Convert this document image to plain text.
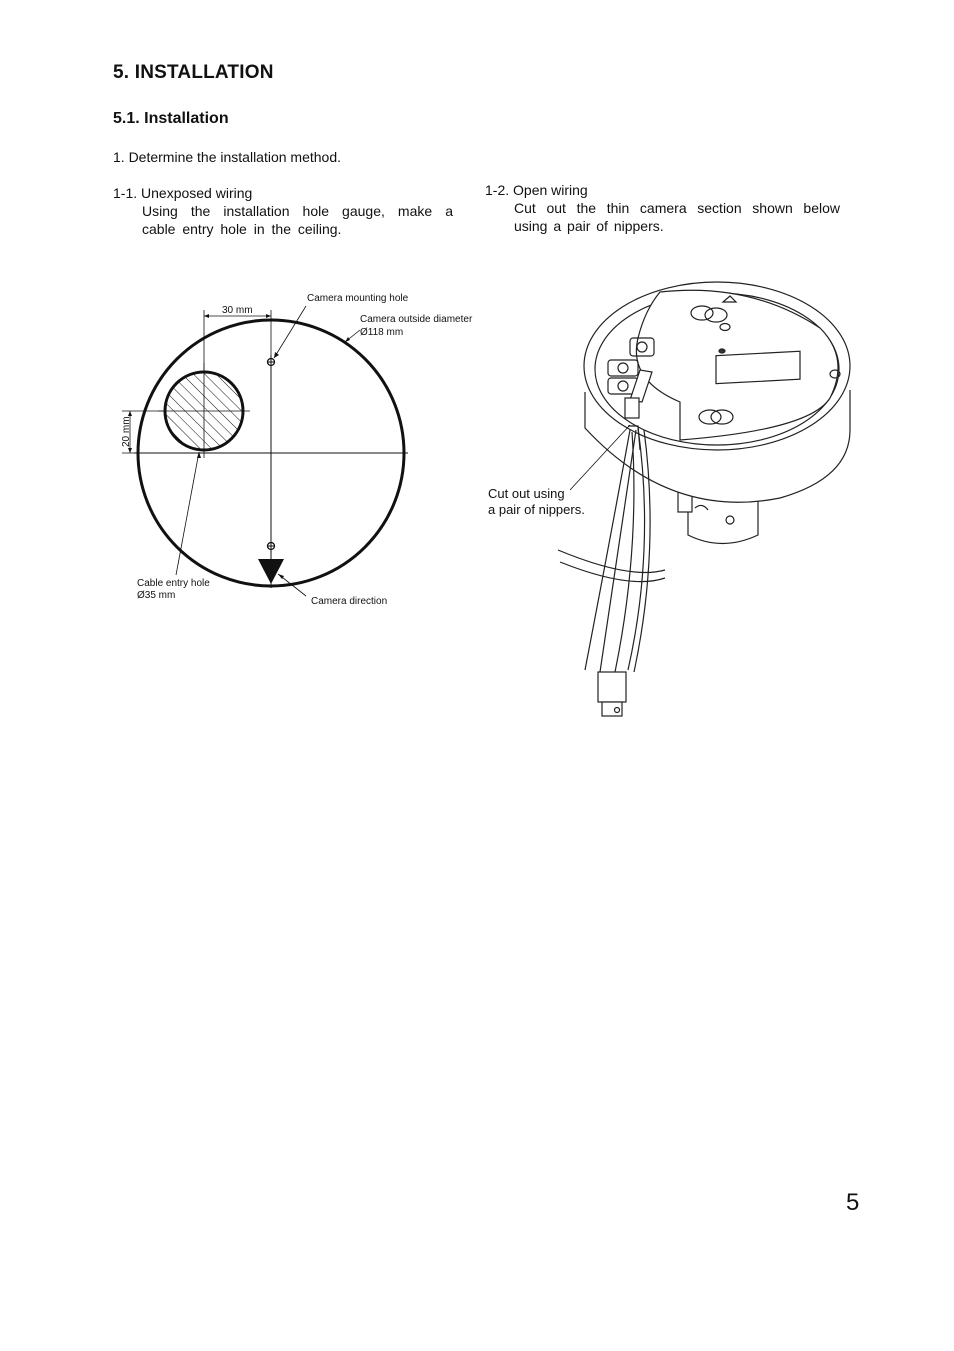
5. INSTALLATION
5.1. Installation
1. Determine the installation method.
1-1. Unexposed wiring
Using the installation hole gauge, make a cable entry hole in the ceiling.
1-2. Open wiring
Cut out the thin camera section shown below using a pair of nippers.
30 mm
20 mm
Camera mounting hole
Camera outside diameter
Ø118 mm
Cable entry hole
Ø35 mm
Camera direction
Cut out using
a pair of nippers.
5
